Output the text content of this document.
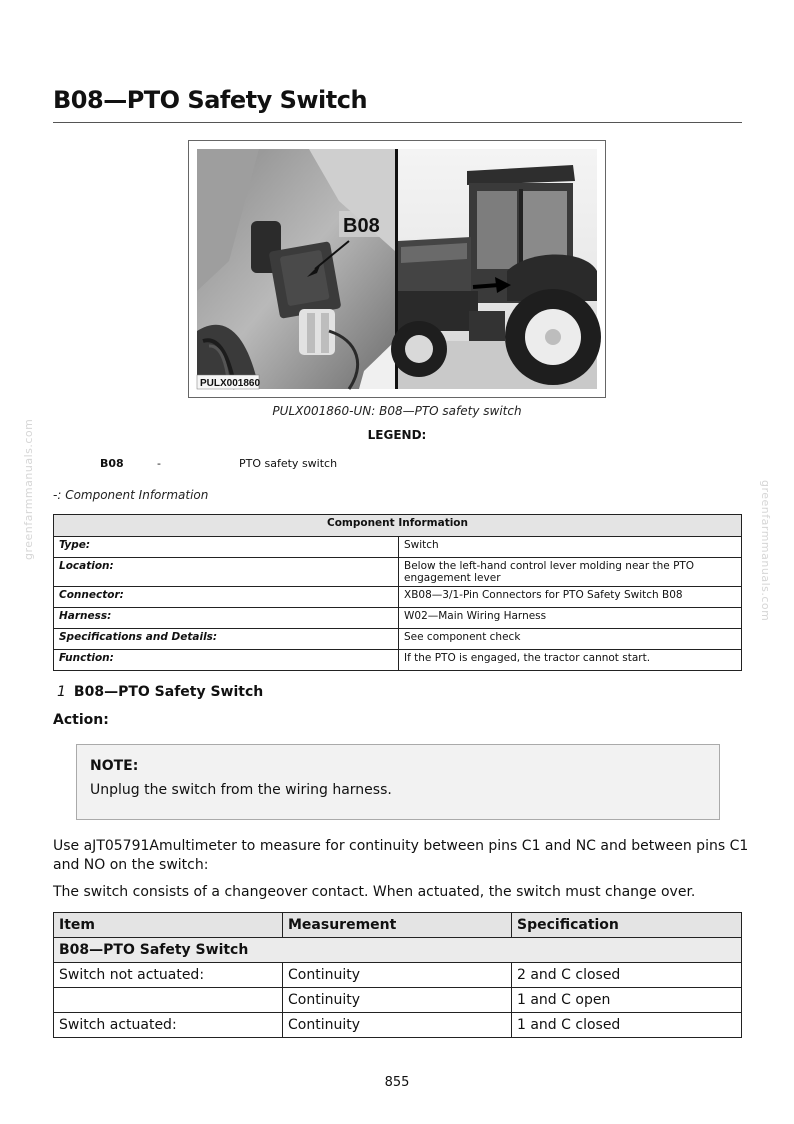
B08—PTO Safety Switch
B08
PULX001860
PULX001860-UN: B08—PTO safety switch
LEGEND:
B08	-	PTO safety switch
-: Component Information
Component Information	
Type:	Switch
Location:	Below the left-hand control lever molding near the PTO engagement lever
Connector:	XB08—3/1-Pin Connectors for PTO Safety Switch B08
Harness:	W02—Main Wiring Harness
Specifications and Details:	See component check
Function:	If the PTO is engaged, the tractor cannot start.
1 B08—PTO Safety Switch
Action:
NOTE:
Unplug the switch from the wiring harness.
Use aJT05791Amultimeter to measure for continuity between pins C1 and NC and between pins C1 and NO on the switch:
The switch consists of a changeover contact. When actuated, the switch must change over.
Item	Measurement	Specification
B08—PTO Safety Switch		
Switch not actuated:	Continuity	2 and C closed
	Continuity	1 and C open
Switch actuated:	Continuity	1 and C closed
855
greenfarmmanuals.com	greenfarmmanuals.com
